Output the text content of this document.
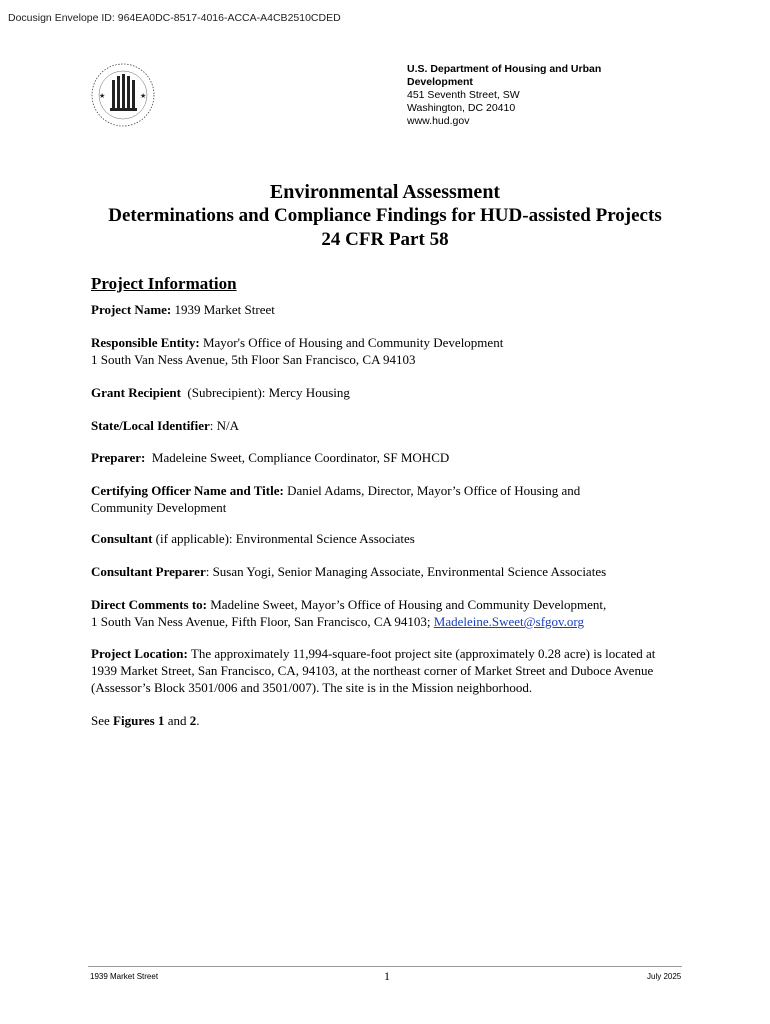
Docusign Envelope ID: 964EA0DC-8517-4016-ACCA-A4CB2510CDED
★	★
U.S. Department of Housing and Urban Development
451 Seventh Street, SW
Washington, DC 20410
www.hud.gov
Environmental Assessment
Determinations and Compliance Findings for HUD-assisted Projects
24 CFR Part 58
Project Information
Project Name: 1939 Market Street
Responsible Entity: Mayor's Office of Housing and Community Development
1 South Van Ness Avenue, 5th Floor San Francisco, CA 94103
Grant Recipient (Subrecipient): Mercy Housing
State/Local Identifier: N/A
Preparer: Madeleine Sweet, Compliance Coordinator, SF MOHCD
Certifying Officer Name and Title: Daniel Adams, Director, Mayor’s Office of Housing and Community Development
Consultant (if applicable): Environmental Science Associates
Consultant Preparer: Susan Yogi, Senior Managing Associate, Environmental Science Associates
Direct Comments to: Madeline Sweet, Mayor’s Office of Housing and Community Development,
1 South Van Ness Avenue, Fifth Floor, San Francisco, CA 94103; Madeleine.Sweet@sfgov.org
Project Location: The approximately 11,994-square-foot project site (approximately 0.28 acre) is located at 1939 Market Street, San Francisco, CA, 94103, at the northeast corner of Market Street and Duboce Avenue (Assessor’s Block 3501/006 and 3501/007). The site is in the Mission neighborhood.
See Figures 1 and 2.
1939 Market Street	1	July 2025
